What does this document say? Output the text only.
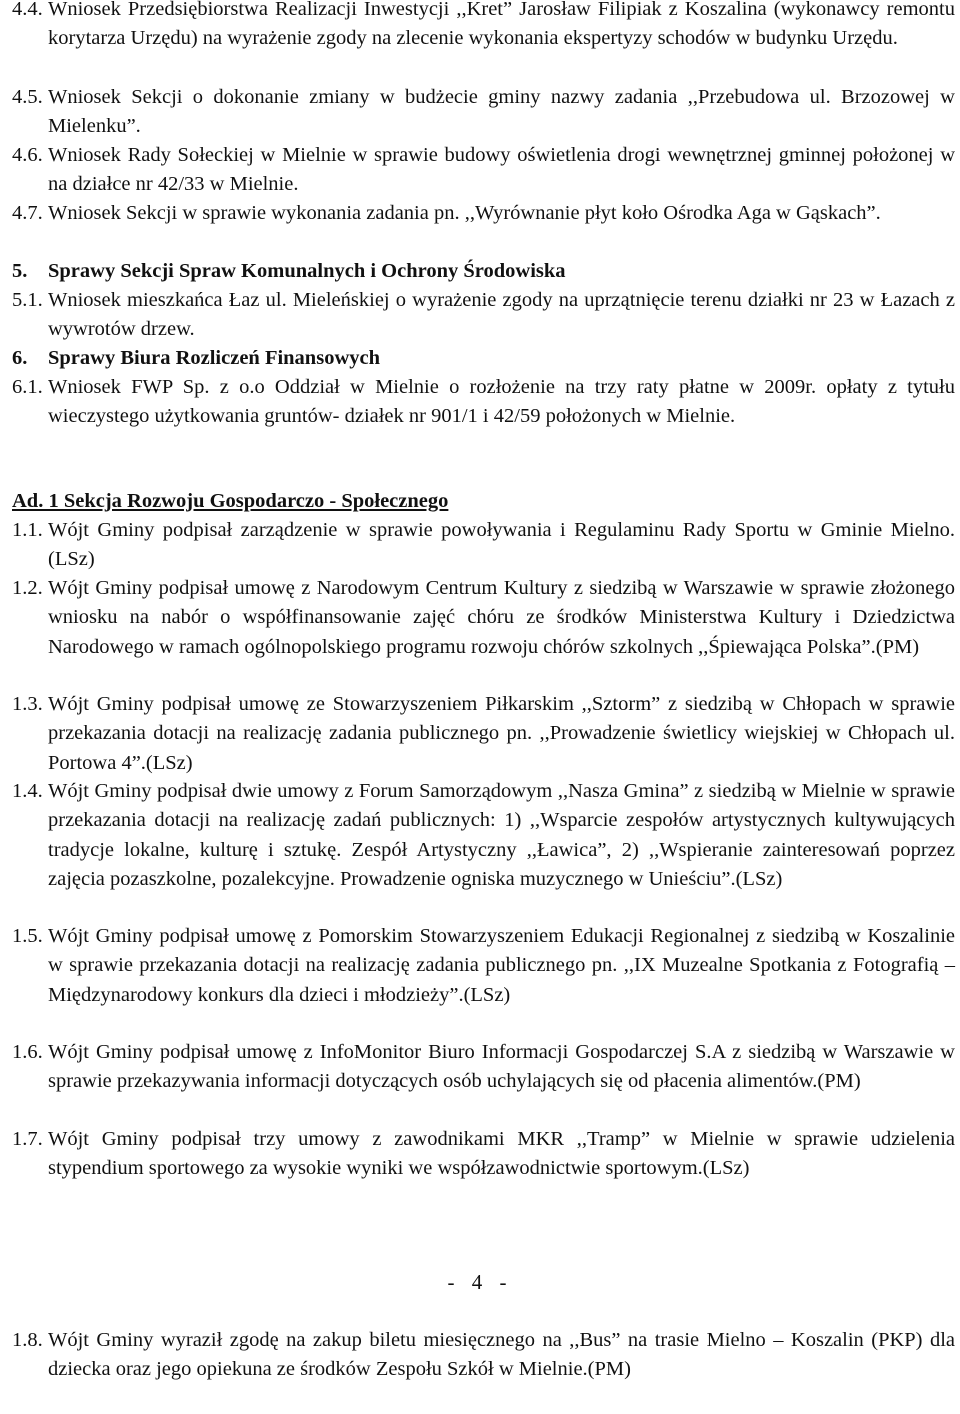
4.4. Wniosek Przedsiębiorstwa Realizacji Inwestycji ,,Kret” Jarosław Filipiak z Koszalina (wykonawcy remontu korytarza Urzędu) na wyrażenie zgody na zlecenie wykonania ekspertyzy schodów w budynku Urzędu.
4.5. Wniosek Sekcji o dokonanie zmiany w budżecie gminy nazwy zadania ,,Przebudowa ul. Brzozowej w Mielenku”.
4.6. Wniosek Rady Sołeckiej w Mielnie w sprawie budowy oświetlenia drogi wewnętrznej gminnej położonej w na działce nr 42/33 w Mielnie.
4.7. Wniosek Sekcji w sprawie wykonania zadania pn. ,,Wyrównanie płyt koło Ośrodka Aga w Gąskach”.
5. Sprawy Sekcji Spraw Komunalnych i Ochrony Środowiska
5.1. Wniosek mieszkańca Łaz ul. Mieleńskiej o wyrażenie zgody na uprzątnięcie terenu działki nr 23 w Łazach z wywrotów drzew.
6. Sprawy Biura Rozliczeń Finansowych
6.1. Wniosek FWP Sp. z o.o Oddział w Mielnie o rozłożenie na trzy raty płatne w 2009r. opłaty z tytułu wieczystego użytkowania gruntów- działek nr 901/1 i 42/59 położonych w Mielnie.
Ad. 1 Sekcja Rozwoju Gospodarczo - Społecznego
1.1. Wójt Gminy podpisał zarządzenie w sprawie powoływania i Regulaminu Rady Sportu w Gminie Mielno.(LSz)
1.2. Wójt Gminy podpisał umowę z Narodowym Centrum Kultury z siedzibą w Warszawie w sprawie złożonego wniosku na nabór o współfinansowanie zajęć chóru ze środków Ministerstwa Kultury i Dziedzictwa Narodowego w ramach ogólnopolskiego programu rozwoju chórów szkolnych ,,Śpiewająca Polska”.(PM)
1.3. Wójt Gminy podpisał umowę ze Stowarzyszeniem Piłkarskim ,,Sztorm” z siedzibą w Chłopach w sprawie przekazania dotacji na realizację zadania publicznego pn. ,,Prowadzenie świetlicy wiejskiej w Chłopach ul. Portowa 4”.(LSz)
1.4. Wójt Gminy podpisał dwie umowy z Forum Samorządowym ,,Nasza Gmina” z siedzibą w Mielnie w sprawie przekazania dotacji na realizację zadań publicznych: 1) ,,Wsparcie zespołów artystycznych kultywujących tradycje lokalne, kulturę i sztukę. Zespół Artystyczny ,,Ławica”, 2) ,,Wspieranie zainteresowań poprzez zajęcia pozaszkolne, pozalekcyjne. Prowadzenie ogniska muzycznego w Unieściu”.(LSz)
1.5. Wójt Gminy podpisał umowę z Pomorskim Stowarzyszeniem Edukacji Regionalnej z siedzibą w Koszalinie w sprawie przekazania dotacji na realizację zadania publicznego pn. ,,IX Muzealne Spotkania z Fotografią – Międzynarodowy konkurs dla dzieci i młodzieży”.(LSz)
1.6. Wójt Gminy podpisał umowę z InfoMonitor Biuro Informacji Gospodarczej S.A z siedzibą w Warszawie w sprawie przekazywania informacji dotyczących osób uchylających się od płacenia alimentów.(PM)
1.7. Wójt Gminy podpisał trzy umowy z zawodnikami MKR ,,Tramp” w Mielnie w sprawie udzielenia stypendium sportowego za wysokie wyniki we współzawodnictwie sportowym.(LSz)
- 4 -
1.8. Wójt Gminy wyraził zgodę na zakup biletu miesięcznego na ,,Bus” na trasie Mielno – Koszalin (PKP) dla dziecka oraz jego opiekuna ze środków Zespołu Szkół w Mielnie.(PM)
